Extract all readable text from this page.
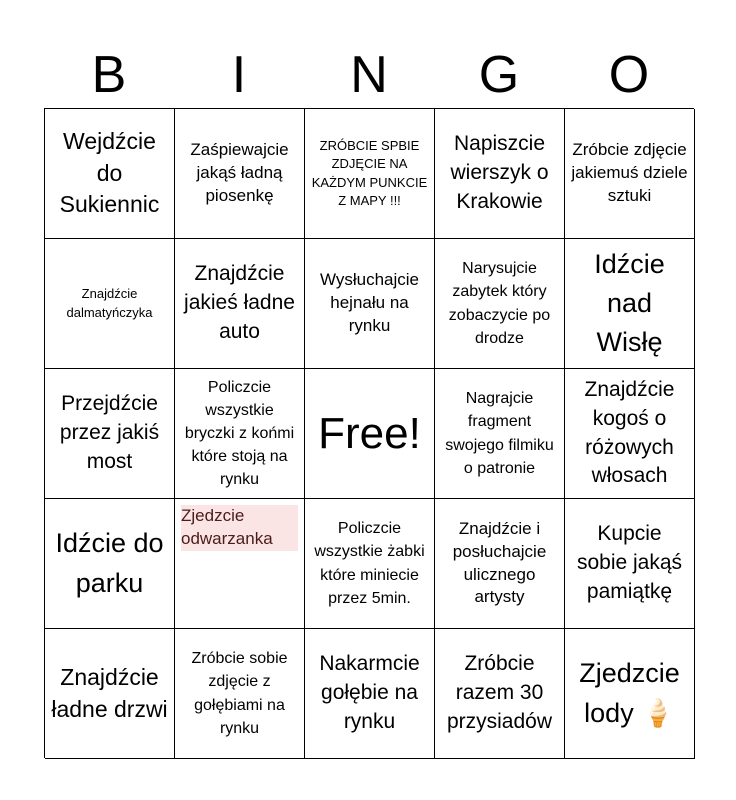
B	I	N	G	O
Wejdźcie do Sukiennic
Zaśpiewajcie jakąś ładną piosenkę
ZRÓBCIE SPBIE ZDJĘCIE NA KAŻDYM PUNKCIE Z MAPY !!!
Napiszcie wierszyk o Krakowie
Zróbcie zdjęcie jakiemuś dziele sztuki
Znajdźcie dalmatyńczyka
Znajdźcie jakieś ładne auto
Wysłuchajcie hejnału na rynku
Narysujcie zabytek który zobaczycie po drodze
Idźcie nad Wisłę
Przejdźcie przez jakiś most
Policzcie wszystkie bryczki z końmi które stoją na rynku
Free!
Nagrajcie fragment swojego filmiku o patronie
Znajdźcie kogoś o różowych włosach
Idźcie do parku
Zjedzcie odwarzanka
Policzcie wszystkie żabki które miniecie przez 5min.
Znajdźcie i posłuchajcie ulicznego artysty
Kupcie sobie jakąś pamiątkę
Znajdźcie ładne drzwi
Zróbcie sobie zdjęcie z gołębiami na rynku
Nakarmcie gołębie na rynku
Zróbcie razem 30 przysiadów
Zjedzcie lody 🍦
